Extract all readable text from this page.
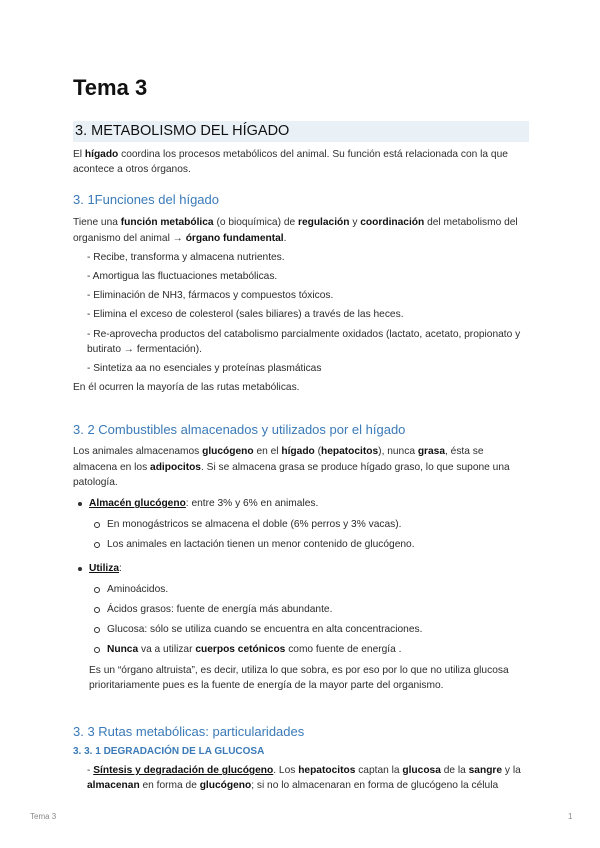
Tema 3
3. METABOLISMO DEL HÍGADO

El hígado coordina los procesos metabólicos del animal. Su función está relacionada con la que acontece a otros órganos.

3. 1Funciones del hígado

Tiene una función metabólica (o bioquímica) de regulación y coordinación del metabolismo del organismo del animal → órgano fundamental.

- Recibe, transforma y almacena nutrientes.
- Amortigua las fluctuaciones metabólicas.
- Eliminación de NH3, fármacos y compuestos tóxicos.
- Elimina el exceso de colesterol (sales biliares) a través de las heces.
- Re-aprovecha productos del catabolismo parcialmente oxidados (lactato, acetato, propionato y butirato → fermentación).
- Sintetiza aa no esenciales y proteínas plasmáticas

En él ocurren la mayoría de las rutas metabólicas.

3. 2 Combustibles almacenados y utilizados por el hígado

Los animales almacenamos glucógeno en el hígado (hepatocitos), nunca grasa, ésta se almacena en los adipocitos. Si se almacena grasa se produce hígado graso, lo que supone una patología.

Almacén glucógeno: entre 3% y 6% en animales.
En monogástricos se almacena el doble (6% perros y 3% vacas).
Los animales en lactación tienen un menor contenido de glucógeno.
Utiliza:
Aminoácidos.
Ácidos grasos: fuente de energía más abundante.
Glucosa: sólo se utiliza cuando se encuentra en alta concentraciones.
Nunca va a utilizar cuerpos cetónicos como fuente de energía .
Es un “órgano altruista”, es decir, utiliza lo que sobra, es por eso por lo que no utiliza glucosa prioritariamente pues es la fuente de energía de la mayor parte del organismo.
3. 3 Rutas metabólicas: particularidades
3. 3. 1 DEGRADACIÓN DE LA GLUCOSA

- Síntesis y degradación de glucógeno. Los hepatocitos captan la glucosa de la sangre y la almacenan en forma de glucógeno; si no lo almacenaran en forma de glucógeno la célula

Tema 3	1
